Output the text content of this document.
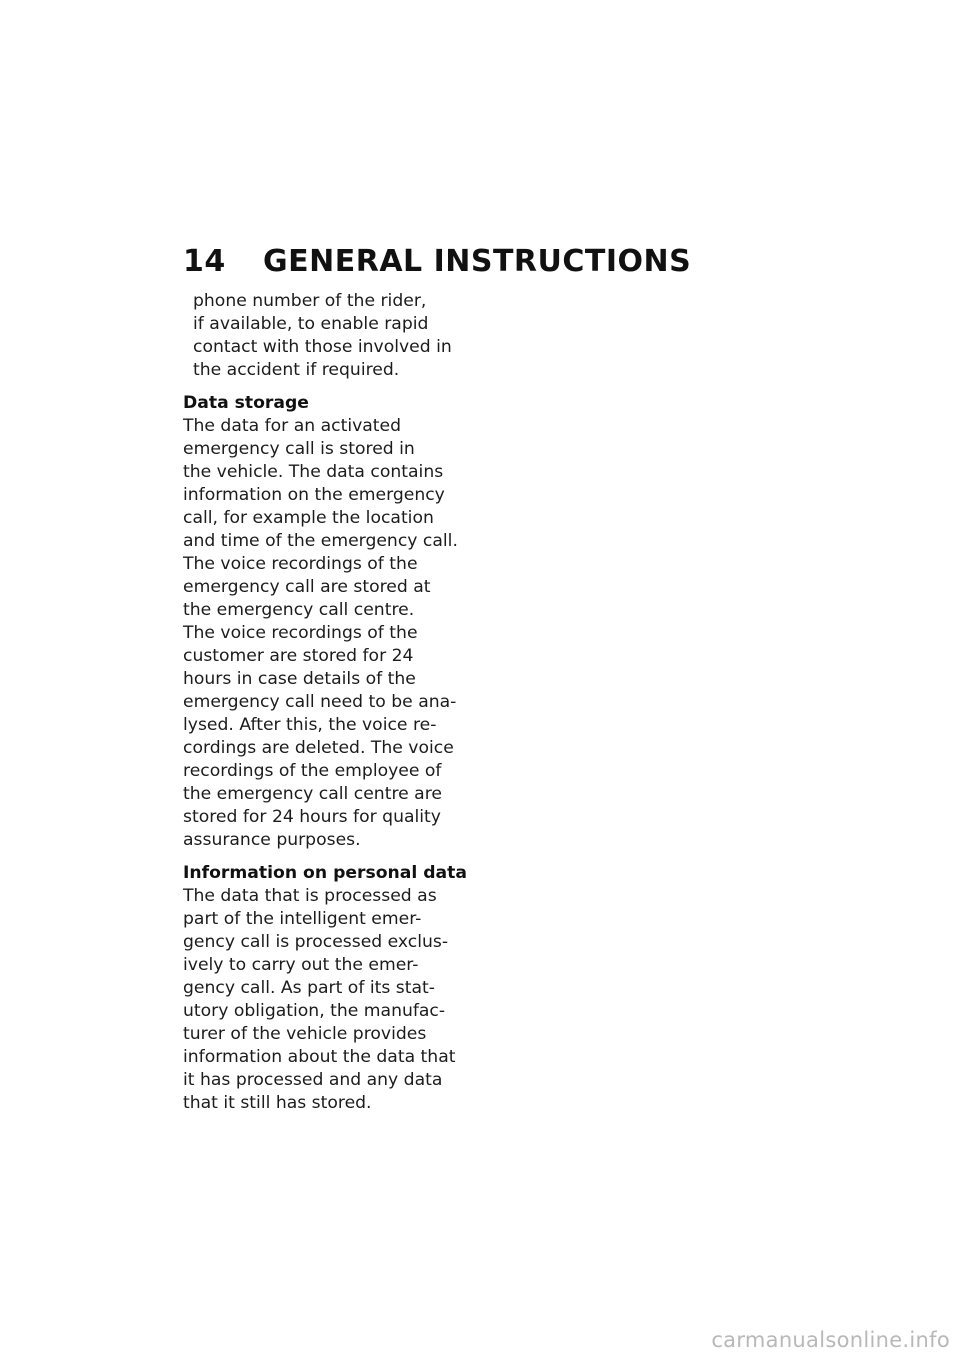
14	GENERAL INSTRUCTIONS
phone number of the rider,
if available, to enable rapid
contact with those involved in
the accident if required.
Data storage
The data for an activated
emergency call is stored in
the vehicle. The data contains
information on the emergency
call, for example the location
and time of the emergency call.
The voice recordings of the
emergency call are stored at
the emergency call centre.
The voice recordings of the
customer are stored for 24
hours in case details of the
emergency call need to be ana-
lysed. After this, the voice re-
cordings are deleted. The voice
recordings of the employee of
the emergency call centre are
stored for 24 hours for quality
assurance purposes.
Information on personal data
The data that is processed as
part of the intelligent emer-
gency call is processed exclus-
ively to carry out the emer-
gency call. As part of its stat-
utory obligation, the manufac-
turer of the vehicle provides
information about the data that
it has processed and any data
that it still has stored.
carmanualsonline.info
